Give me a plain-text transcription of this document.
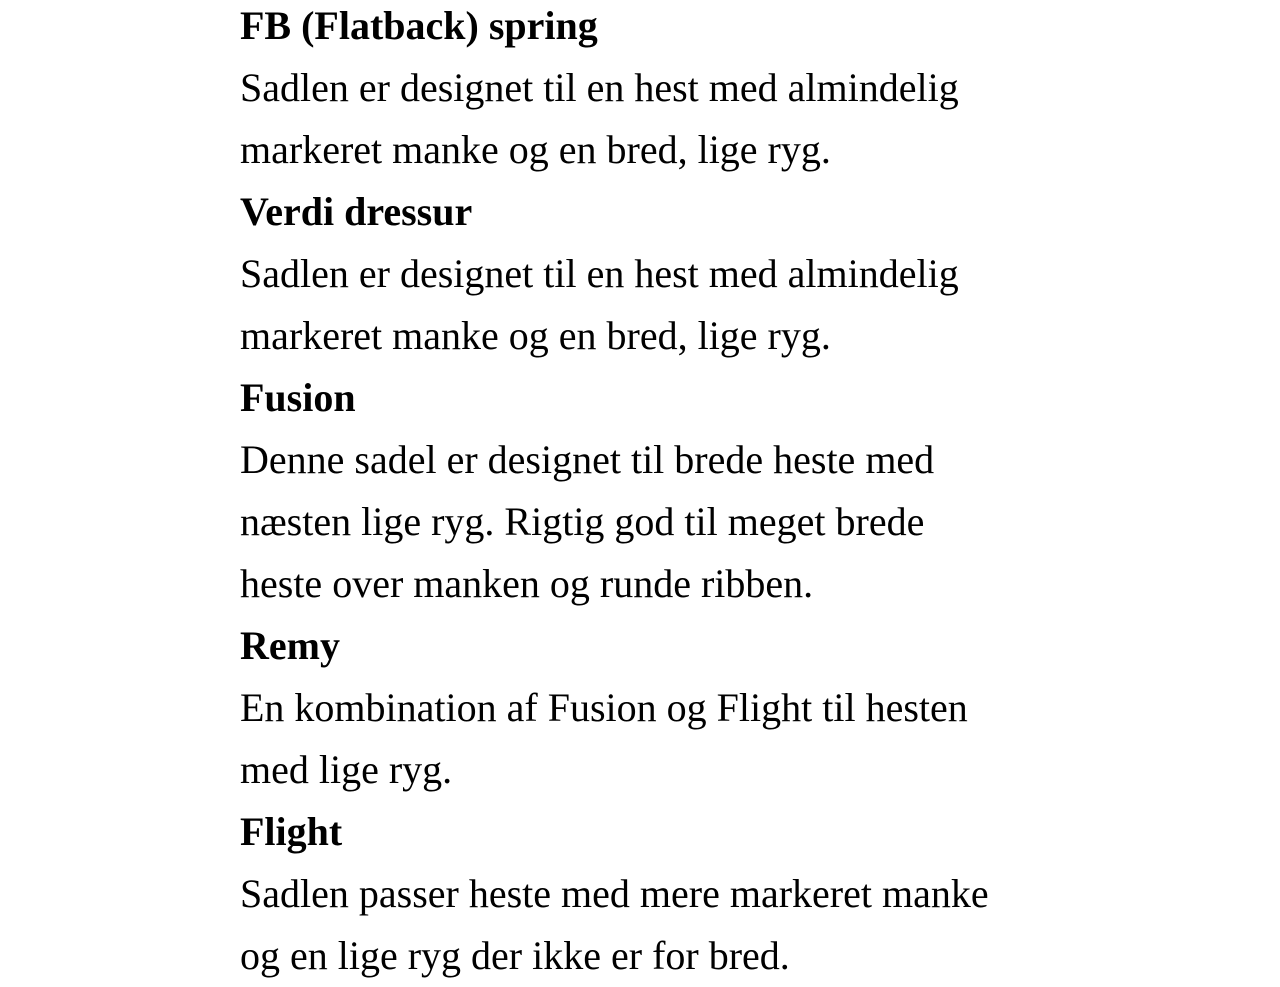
FB (Flatback) spring
Sadlen er designet til en hest med almindelig
markeret manke og en bred, lige ryg.
Verdi dressur
Sadlen er designet til en hest med almindelig
markeret manke og en bred, lige ryg.
Fusion
Denne sadel er designet til brede heste med
næsten lige ryg. Rigtig god til meget brede
heste over manken og runde ribben.
Remy
En kombination af Fusion og Flight til hesten
med lige ryg.
Flight
Sadlen passer heste med mere markeret manke
og en lige ryg der ikke er for bred.
